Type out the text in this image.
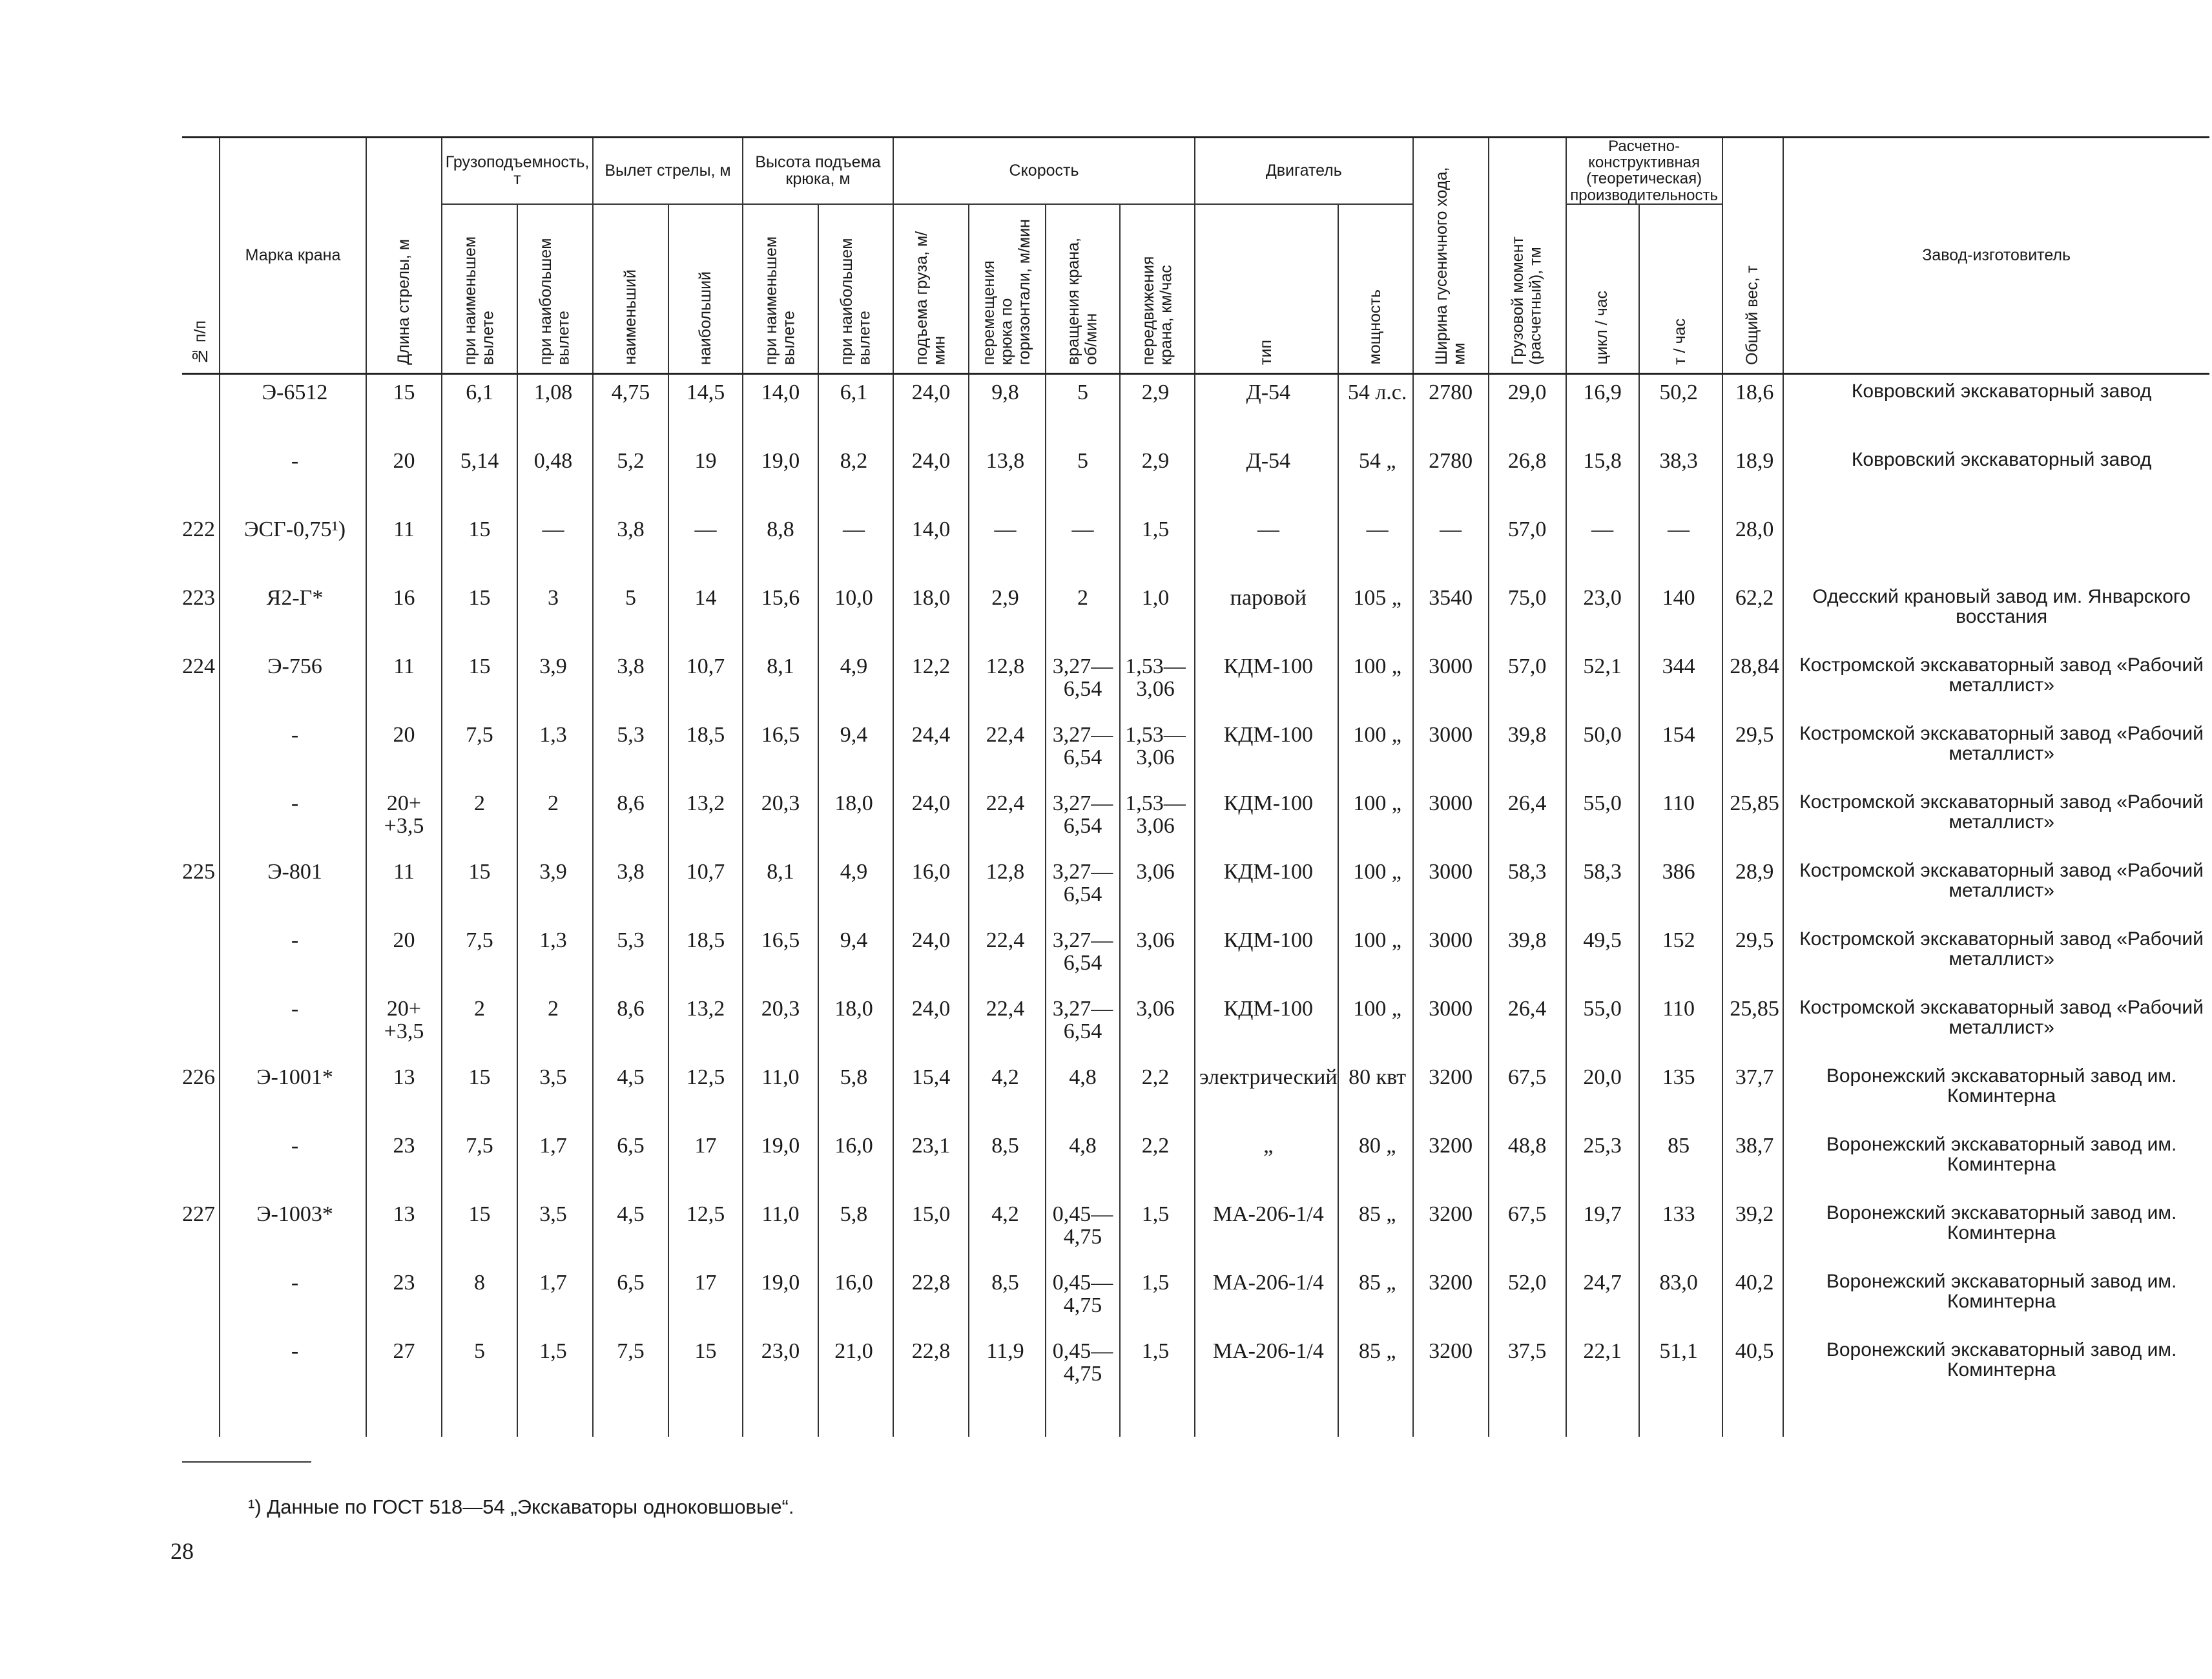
№ п/п	Марка крана	Длина стрелы, м	Грузоподъемность, т		Вылет стрелы, м		Высота подъема крюка, м		Скорость				Двигатель		Ширина гусеничного хода, мм	Грузовой момент (расчетный), тм	Расчетно-конструктивная (теоретическая) производительность		Общий вес, т	Завод-изготовитель

			при наименьшем вылете	при наибольшем вылете	наименьший	наибольший	при наименьшем вылете	при наибольшем вылете	подъема груза, м/мин	перемещения крюка по горизонтали, м/мин	вращения крана, об/мин	передвижения крана, км/час	тип	мощность			цикл / час	т / час		

	Э-6512	15	6,1	1,08	4,75	14,5	14,0	6,1	24,0	9,8	5	2,9	Д-54	54 л.с.	2780	29,0	16,9	50,2	18,6	Ковровский экскаваторный завод
	-	20	5,14	0,48	5,2	19	19,0	8,2	24,0	13,8	5	2,9	Д-54	54 „	2780	26,8	15,8	38,3	18,9	Ковровский экскаваторный завод
222	ЭСГ-0,75¹)	11	15	—	3,8	—	8,8	—	14,0	—	—	1,5	—	—	—	57,0	—	—	28,0	
223	Я2-Г*	16	15	3	5	14	15,6	10,0	18,0	2,9	2	1,0	паровой	105 „	3540	75,0	23,0	140	62,2	Одесский крановый завод им. Январского восстания
224	Э-756	11	15	3,9	3,8	10,7	8,1	4,9	12,2	12,8	3,27—6,54	1,53—3,06	КДМ-100	100 „	3000	57,0	52,1	344	28,84	Костромской экскаваторный завод «Рабочий металлист»
	-	20	7,5	1,3	5,3	18,5	16,5	9,4	24,4	22,4	3,27—6,54	1,53—3,06	КДМ-100	100 „	3000	39,8	50,0	154	29,5	Костромской экскаваторный завод «Рабочий металлист»
	-	20+ +3,5	2	2	8,6	13,2	20,3	18,0	24,0	22,4	3,27—6,54	1,53—3,06	КДМ-100	100 „	3000	26,4	55,0	110	25,85	Костромской экскаваторный завод «Рабочий металлист»
225	Э-801	11	15	3,9	3,8	10,7	8,1	4,9	16,0	12,8	3,27—6,54	3,06	КДМ-100	100 „	3000	58,3	58,3	386	28,9	Костромской экскаваторный завод «Рабочий металлист»
	-	20	7,5	1,3	5,3	18,5	16,5	9,4	24,0	22,4	3,27—6,54	3,06	КДМ-100	100 „	3000	39,8	49,5	152	29,5	Костромской экскаваторный завод «Рабочий металлист»
	-	20+ +3,5	2	2	8,6	13,2	20,3	18,0	24,0	22,4	3,27—6,54	3,06	КДМ-100	100 „	3000	26,4	55,0	110	25,85	Костромской экскаваторный завод «Рабочий металлист»
226	Э-1001*	13	15	3,5	4,5	12,5	11,0	5,8	15,4	4,2	4,8	2,2	электрический	80 квт	3200	67,5	20,0	135	37,7	Воронежский экскаваторный завод им. Коминтерна
	-	23	7,5	1,7	6,5	17	19,0	16,0	23,1	8,5	4,8	2,2	„	80 „	3200	48,8	25,3	85	38,7	Воронежский экскаваторный завод им. Коминтерна
227	Э-1003*	13	15	3,5	4,5	12,5	11,0	5,8	15,0	4,2	0,45—4,75	1,5	МА-206-1/4	85 „	3200	67,5	19,7	133	39,2	Воронежский экскаваторный завод им. Коминтерна
	-	23	8	1,7	6,5	17	19,0	16,0	22,8	8,5	0,45—4,75	1,5	МА-206-1/4	85 „	3200	52,0	24,7	83,0	40,2	Воронежский экскаваторный завод им. Коминтерна
	-	27	5	1,5	7,5	15	23,0	21,0	22,8	11,9	0,45—4,75	1,5	МА-206-1/4	85 „	3200	37,5	22,1	51,1	40,5	Воронежский экскаваторный завод им. Коминтерна
¹) Данные по ГОСТ 518—54 „Экскаваторы одноковшовые“.
28
